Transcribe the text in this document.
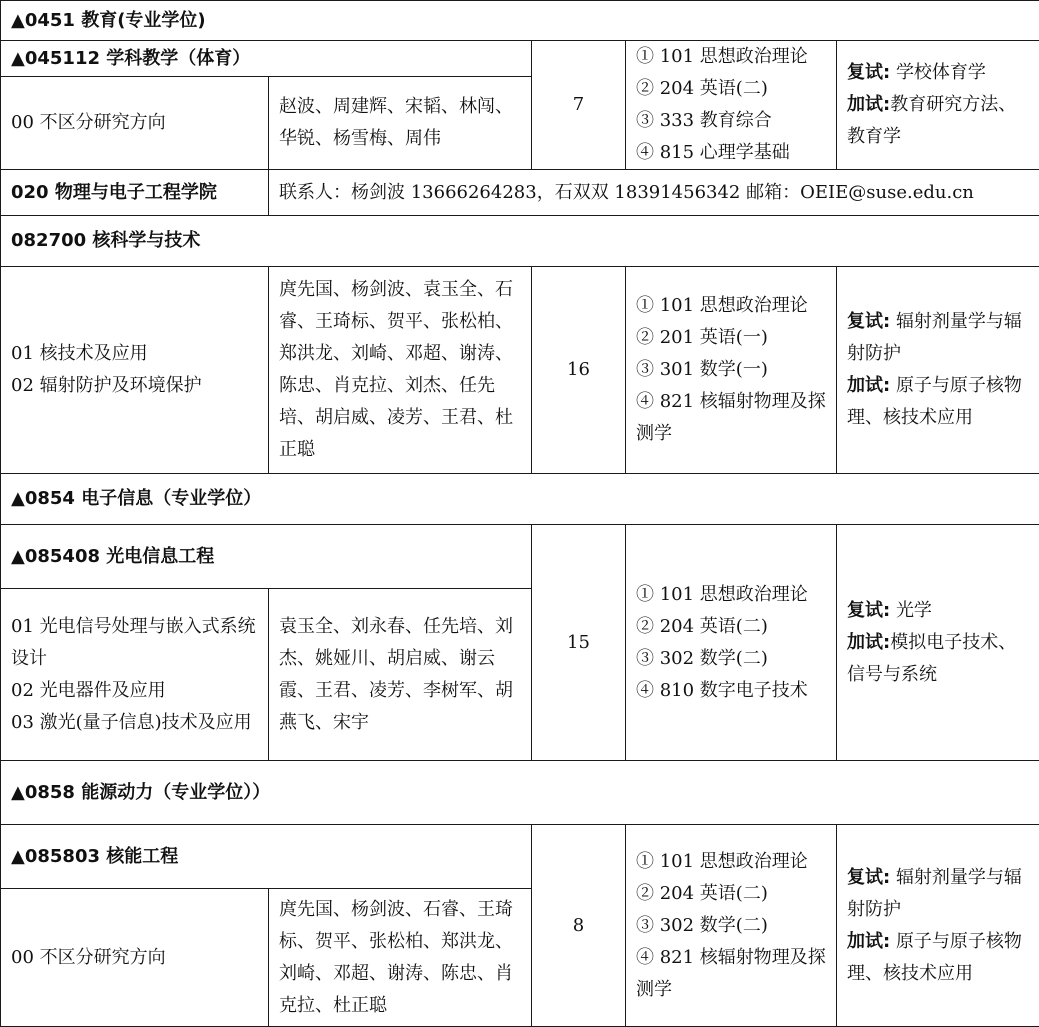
▲0451 教育(专业学位)				
▲045112 学科教学（体育）		7	① 101 思想政治理论
② 204 英语(二)
③ 333 教育综合
④ 815 心理学基础	复试: 学校体育学
加试:教育研究方法、教育学

00 不区分研究方向	赵波、周建辉、宋韬、林闯、华锐、杨雪梅、周伟			
020 物理与电子工程学院	联系人：杨剑波 13666264283，石双双 18391456342 邮箱：OEIE@suse.edu.cn			
082700 核科学与技术				

01 核技术及应用
02 辐射防护及环境保护	庹先国、杨剑波、袁玉全、石睿、王琦标、贺平、张松柏、郑洪龙、刘崎、邓超、谢涛、陈忠、肖克拉、刘杰、任先培、胡启威、凌芳、王君、杜正聪	16	① 101 思想政治理论
② 201 英语(一)
③ 301 数学(一)
④ 821 核辐射物理及探测学	复试: 辐射剂量学与辐射防护
加试: 原子与原子核物理、核技术应用

▲0854 电子信息（专业学位）				
▲085408 光电信息工程		15	① 101 思想政治理论
② 204 英语(二)
③ 302 数学(二)
④ 810 数字电子技术	复试: 光学
加试:模拟电子技术、信号与系统

01 光电信号处理与嵌入式系统设计
02 光电器件及应用
03 激光(量子信息)技术及应用	袁玉全、刘永春、任先培、刘杰、姚娅川、胡启威、谢云霞、王君、凌芳、李树军、胡燕飞、宋宇			
▲0858 能源动力（专业学位））				
▲085803 核能工程		8	① 101 思想政治理论
② 204 英语(二)
③ 302 数学(二)
④ 821 核辐射物理及探测学	复试: 辐射剂量学与辐射防护
加试: 原子与原子核物理、核技术应用

00 不区分研究方向	庹先国、杨剑波、石睿、王琦标、贺平、张松柏、郑洪龙、刘崎、邓超、谢涛、陈忠、肖克拉、杜正聪			
